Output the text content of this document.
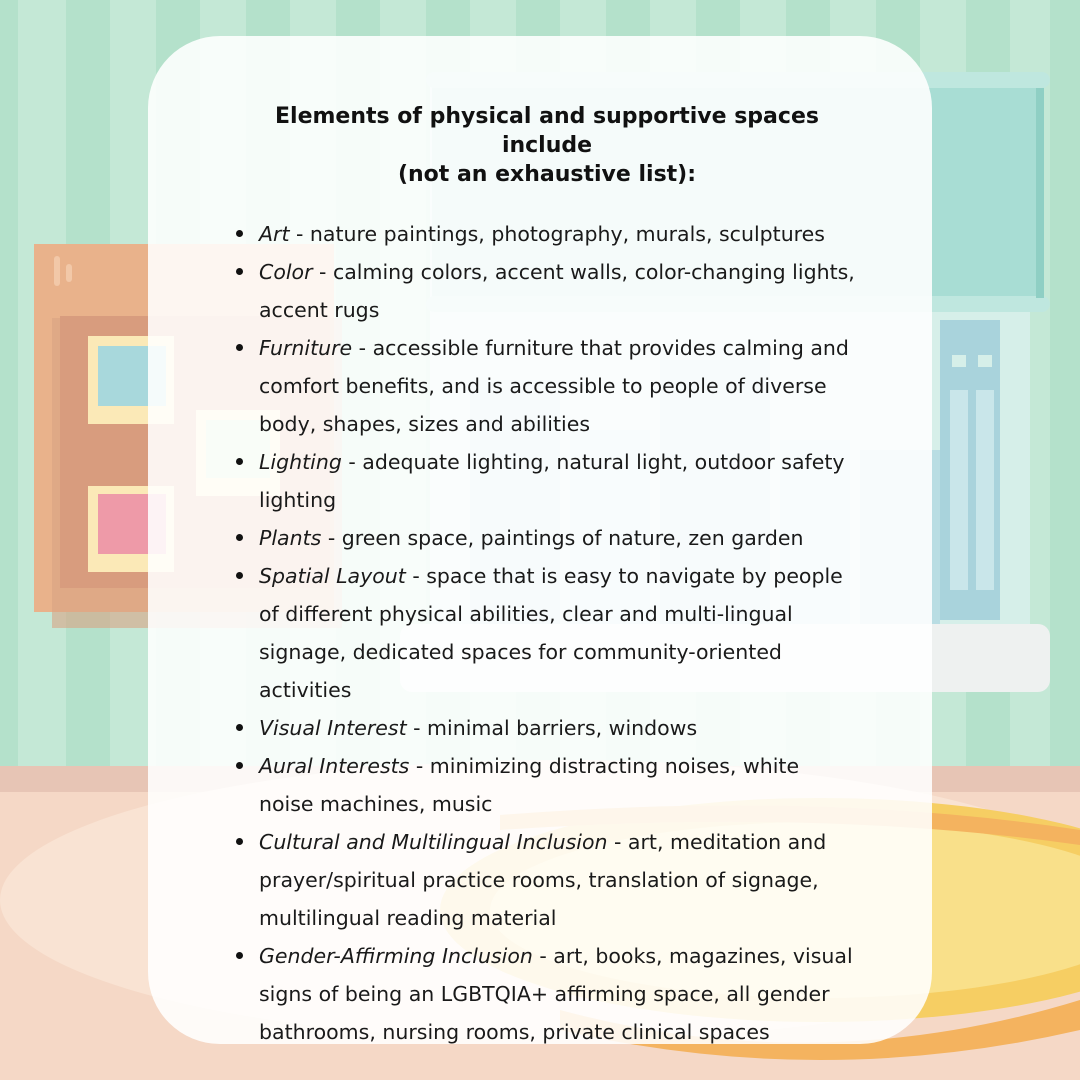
Elements of physical and supportive spaces include
(not an exhaustive list):
Art - nature paintings, photography, murals, sculptures
Color - calming colors, accent walls, color-changing lights, accent rugs
Furniture - accessible furniture that provides calming and comfort benefits, and is accessible to people of diverse body, shapes, sizes and abilities
Lighting - adequate lighting, natural light, outdoor safety lighting
Plants - green space, paintings of nature, zen garden
Spatial Layout - space that is easy to navigate by people of different physical abilities, clear and multi-lingual signage, dedicated spaces for community-oriented activities
Visual Interest - minimal barriers, windows
Aural Interests - minimizing distracting noises, white noise machines, music
Cultural and Multilingual Inclusion - art, meditation and prayer/spiritual practice rooms, translation of signage, multilingual reading material
Gender-Affirming Inclusion - art, books, magazines, visual signs of being an LGBTQIA+ affirming space, all gender bathrooms, nursing rooms, private clinical spaces
